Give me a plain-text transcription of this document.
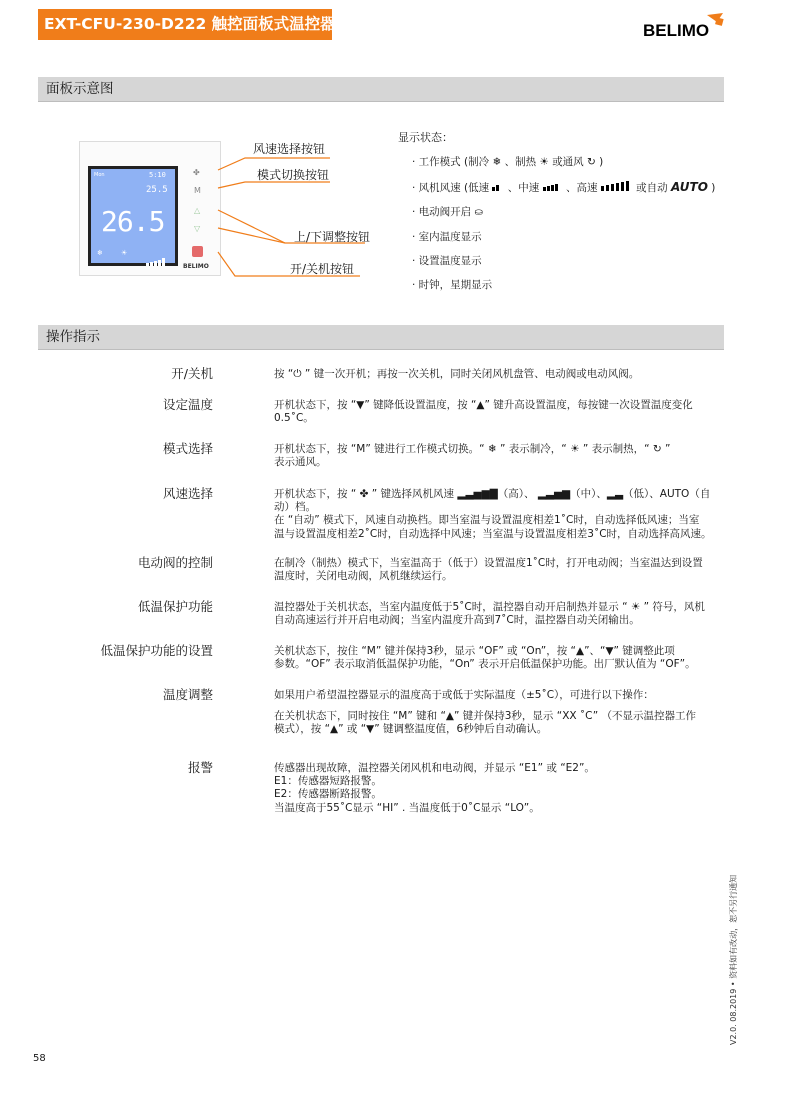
EXT-CFU-230-D222 触控面板式温控器	BELIMO
面板示意图
Mon	5:10
25.5
26.5
❄	☀
✤
M
△
▽
BELIMO
风速选择按钮
模式切换按钮
上/下调整按钮
开/关机按钮
显示状态：
· 工作模式 (制冷 ❄ 、制热 ☀ 或通风 ↻ )
· 风机风速 (低速 、中速	、高速	或自动 AUTO )
· 电动阀开启 ⛀
· 室内温度显示
· 设置温度显示
· 时钟，星期显示
操作指示
开/关机	按 “⏻ ” 键一次开机；再按一次关机，同时关闭风机盘管、电动阀或电动风阀。

设定温度	开机状态下，按 “▼” 键降低设置温度，按 “▲” 键升高设置温度，每按键一次设置温度变化

0.5˚C。

模式选择	开机状态下，按 “M” 键进行工作模式切换。“ ❄ ” 表示制冷，“ ☀ ” 表示制热，“ ↻ ”

表示通风。

风速选择	开机状态下，按 “ ✤ ” 键选择风机风速 ▂▃▅▆▇（高）、 ▂▃▅▆（中）、▂▃（低）、AUTO（自

动）档。

在 “自动” 模式下，风速自动换档。即当室温与设置温度相差1˚C时，自动选择低风速；当室

温与设置温度相差2˚C时，自动选择中风速；当室温与设置温度相差3˚C时，自动选择高风速。

电动阀的控制	在制冷（制热）模式下，当室温高于（低于）设置温度1˚C时，打开电动阀；当室温达到设置

温度时，关闭电动阀，风机继续运行。

低温保护功能	温控器处于关机状态，当室内温度低于5˚C时，温控器自动开启制热并显示 “ ☀ ” 符号，风机

自动高速运行并开启电动阀；当室内温度升高到7˚C时，温控器自动关闭输出。

低温保护功能的设置	关机状态下，按住 “M” 键并保持3秒，显示 “OF” 或 “On”，按 “▲”、“▼” 键调整此项

参数。“OF” 表示取消低温保护功能，“On” 表示开启低温保护功能。出厂默认值为 “OF”。

温度调整	如果用户希望温控器显示的温度高于或低于实际温度（±5˚C），可进行以下操作：

在关机状态下，同时按住 “M” 键和 “▲” 键并保持3秒，显示 “XX ˚C” （不显示温控器工作

模式），按 “▲” 或 “▼” 键调整温度值，6秒钟后自动确认。

报警	传感器出现故障，温控器关闭风机和电动阀，并显示 “E1” 或 “E2”。

E1：传感器短路报警。

E2：传感器断路报警。

当温度高于55˚C显示 “HI” . 当温度低于0˚C显示 “LO”。

58
V2.0. 08.2019 • 资料如有改动，恕不另行通知
